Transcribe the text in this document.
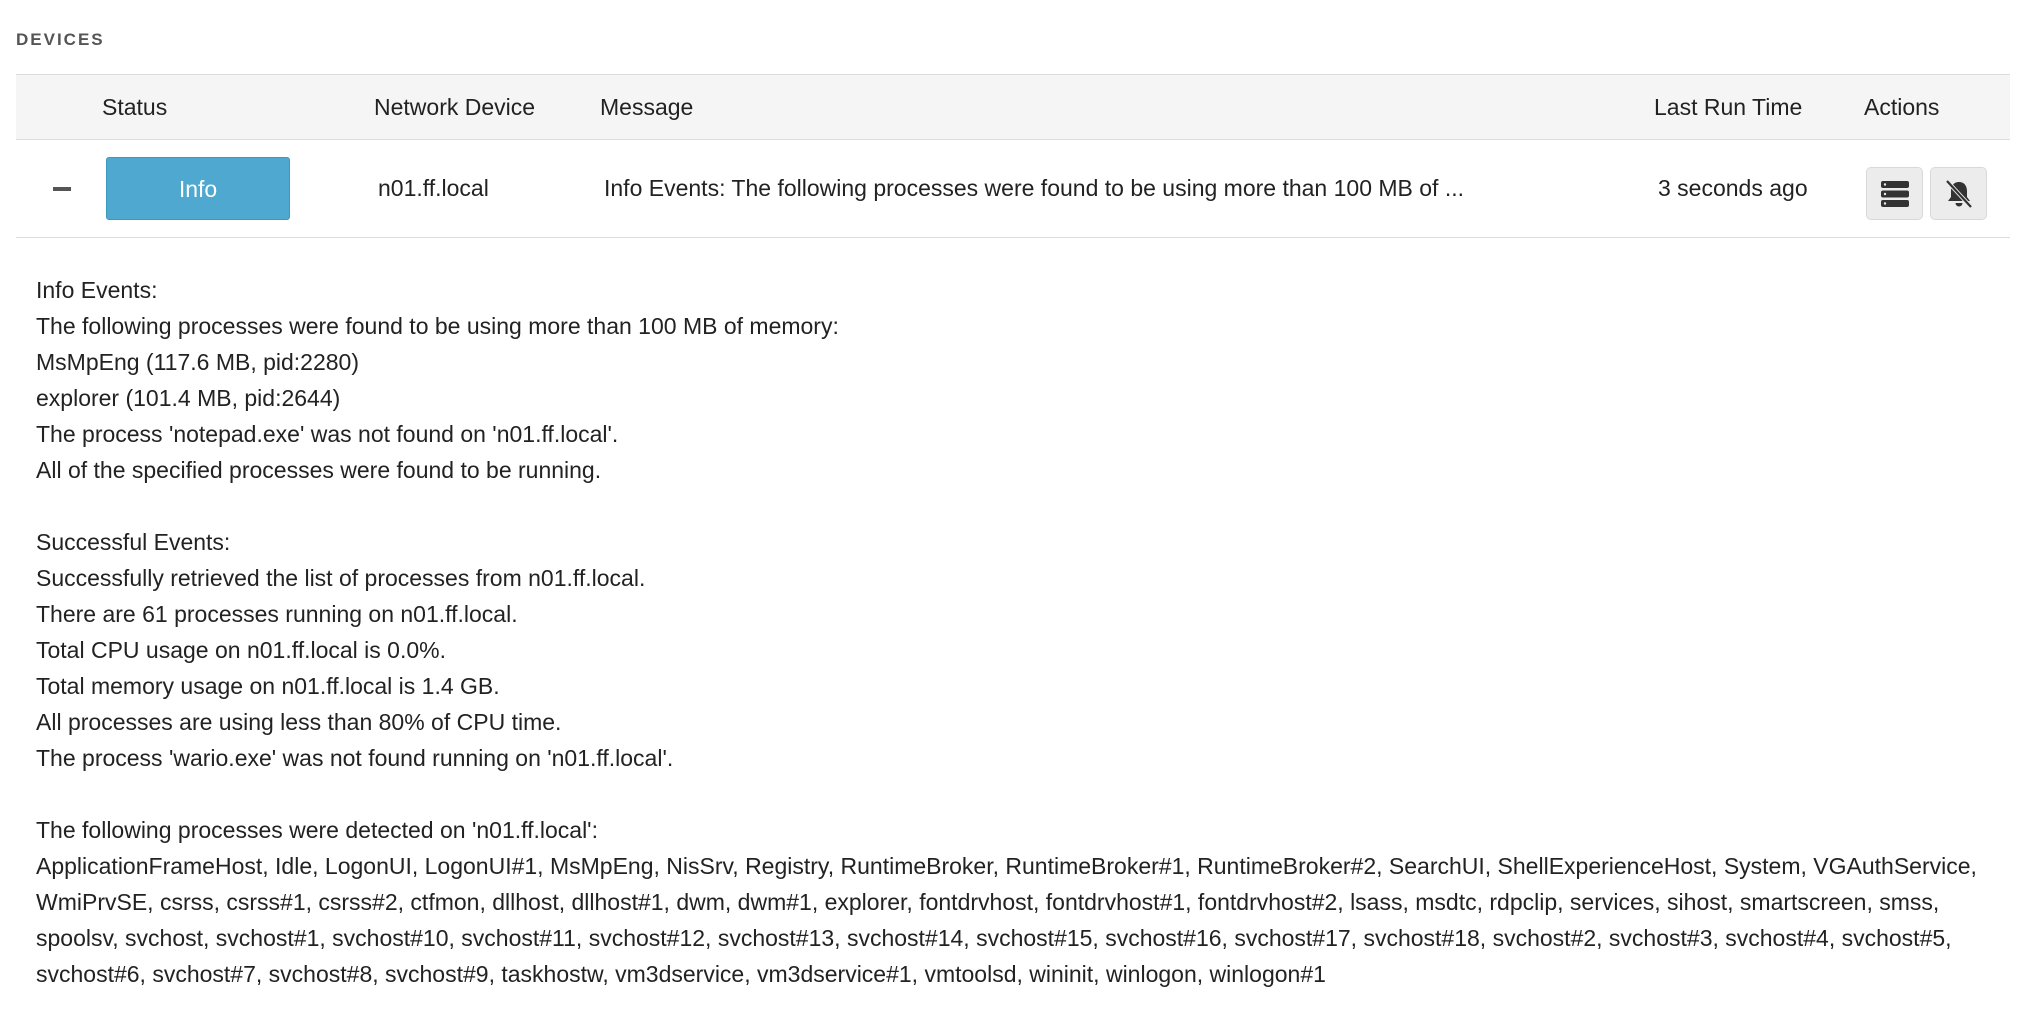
DEVICES
Status	Network Device	Message	Last Run Time	Actions
Info	n01.ff.local	Info Events: The following processes were found to be using more than 100 MB of ...	3 seconds ago
Info Events:
The following processes were found to be using more than 100 MB of memory:
MsMpEng (117.6 MB, pid:2280)
explorer (101.4 MB, pid:2644)
The process 'notepad.exe' was not found on 'n01.ff.local'.
All of the specified processes were found to be running.
Successful Events:
Successfully retrieved the list of processes from n01.ff.local.
There are 61 processes running on n01.ff.local.
Total CPU usage on n01.ff.local is 0.0%.
Total memory usage on n01.ff.local is 1.4 GB.
All processes are using less than 80% of CPU time.
The process 'wario.exe' was not found running on 'n01.ff.local'.
The following processes were detected on 'n01.ff.local':
ApplicationFrameHost, Idle, LogonUI, LogonUI#1, MsMpEng, NisSrv, Registry, RuntimeBroker, RuntimeBroker#1, RuntimeBroker#2, SearchUI, ShellExperienceHost, System, VGAuthService, WmiPrvSE, csrss, csrss#1, csrss#2, ctfmon, dllhost, dllhost#1, dwm, dwm#1, explorer, fontdrvhost, fontdrvhost#1, fontdrvhost#2, lsass, msdtc, rdpclip, services, sihost, smartscreen, smss, spoolsv, svchost, svchost#1, svchost#10, svchost#11, svchost#12, svchost#13, svchost#14, svchost#15, svchost#16, svchost#17, svchost#18, svchost#2, svchost#3, svchost#4, svchost#5, svchost#6, svchost#7, svchost#8, svchost#9, taskhostw, vm3dservice, vm3dservice#1, vmtoolsd, wininit, winlogon, winlogon#1
